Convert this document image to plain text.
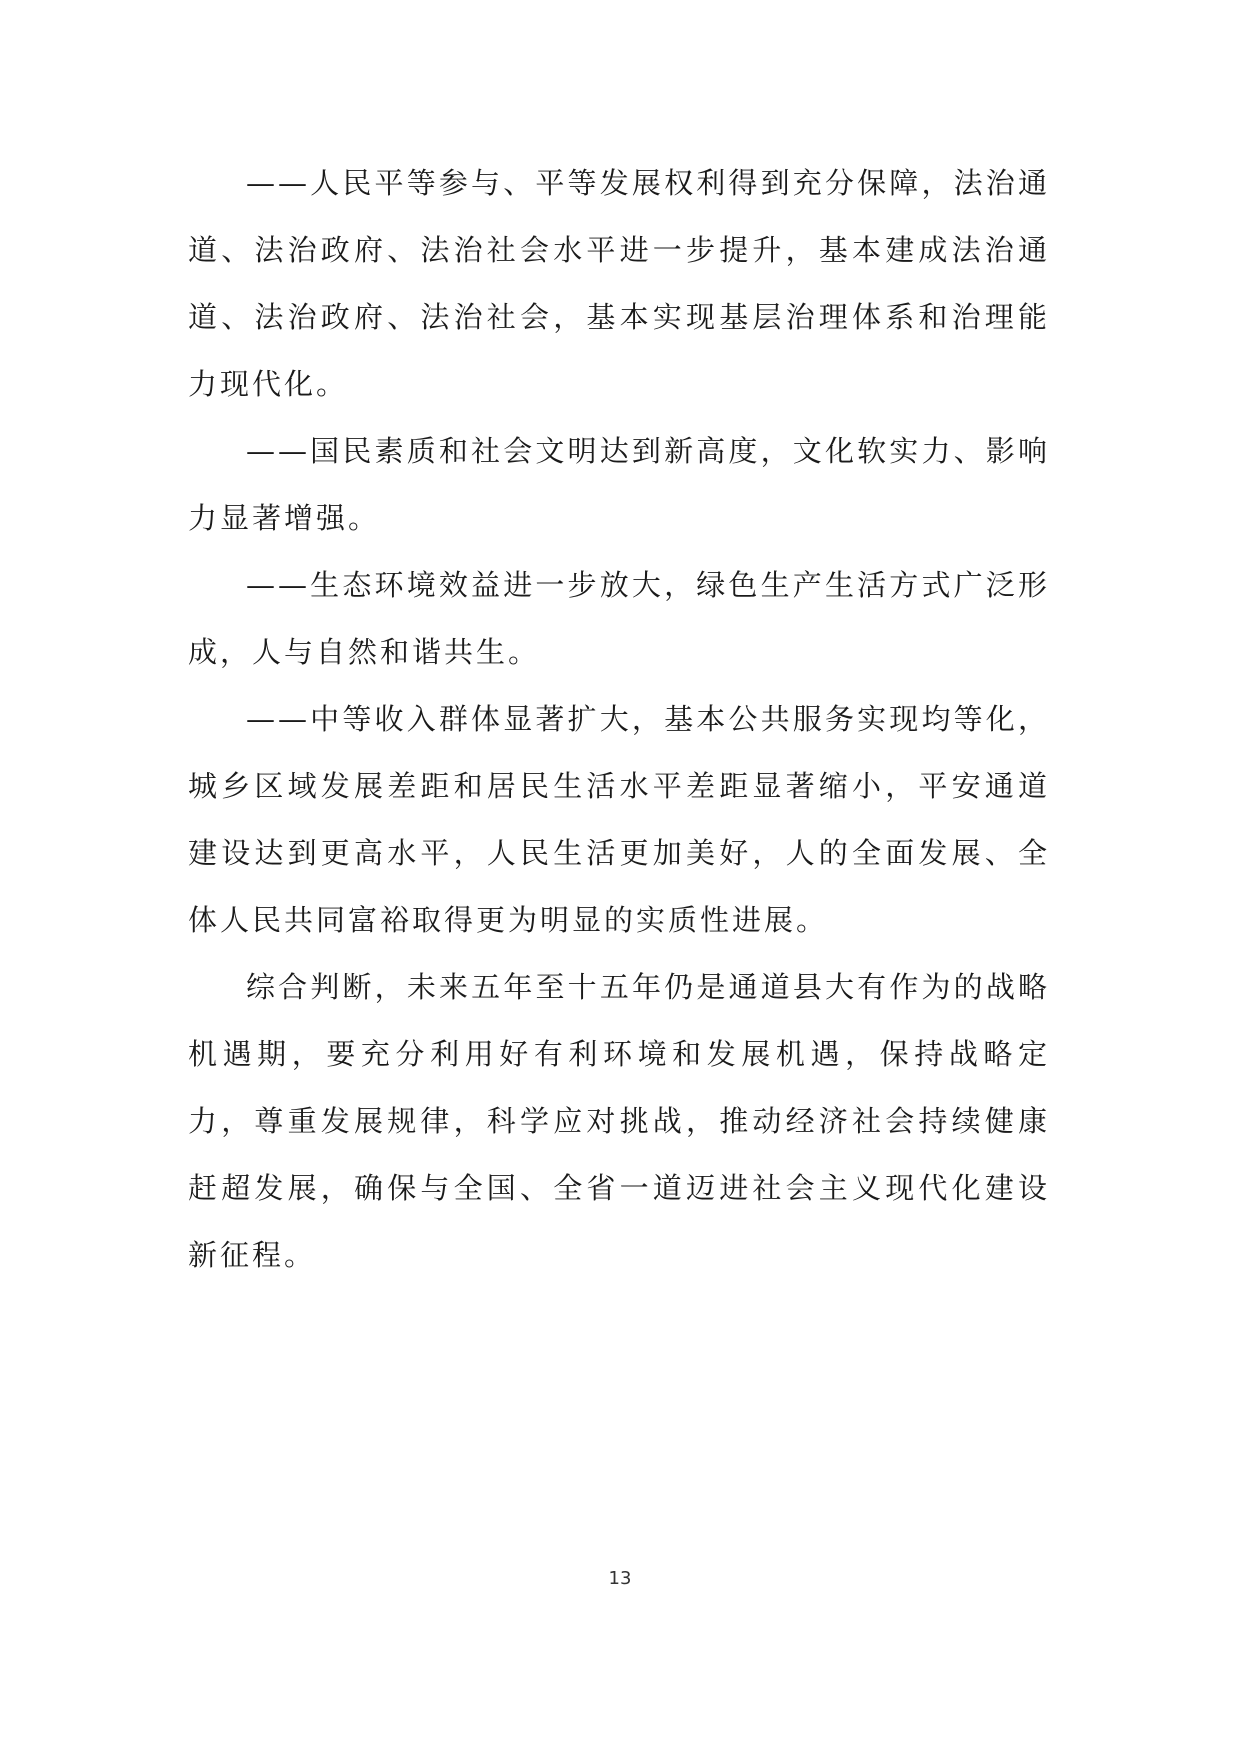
——人民平等参与、平等发展权利得到充分保障，法治通道、法治政府、法治社会水平进一步提升，基本建成法治通道、法治政府、法治社会，基本实现基层治理体系和治理能力现代化。

——国民素质和社会文明达到新高度，文化软实力、影响力显著增强。

——生态环境效益进一步放大，绿色生产生活方式广泛形成，人与自然和谐共生。

——中等收入群体显著扩大，基本公共服务实现均等化，城乡区域发展差距和居民生活水平差距显著缩小，平安通道建设达到更高水平，人民生活更加美好，人的全面发展、全体人民共同富裕取得更为明显的实质性进展。

综合判断，未来五年至十五年仍是通道县大有作为的战略机遇期，要充分利用好有利环境和发展机遇，保持战略定力，尊重发展规律，科学应对挑战，推动经济社会持续健康赶超发展，确保与全国、全省一道迈进社会主义现代化建设新征程。

13
